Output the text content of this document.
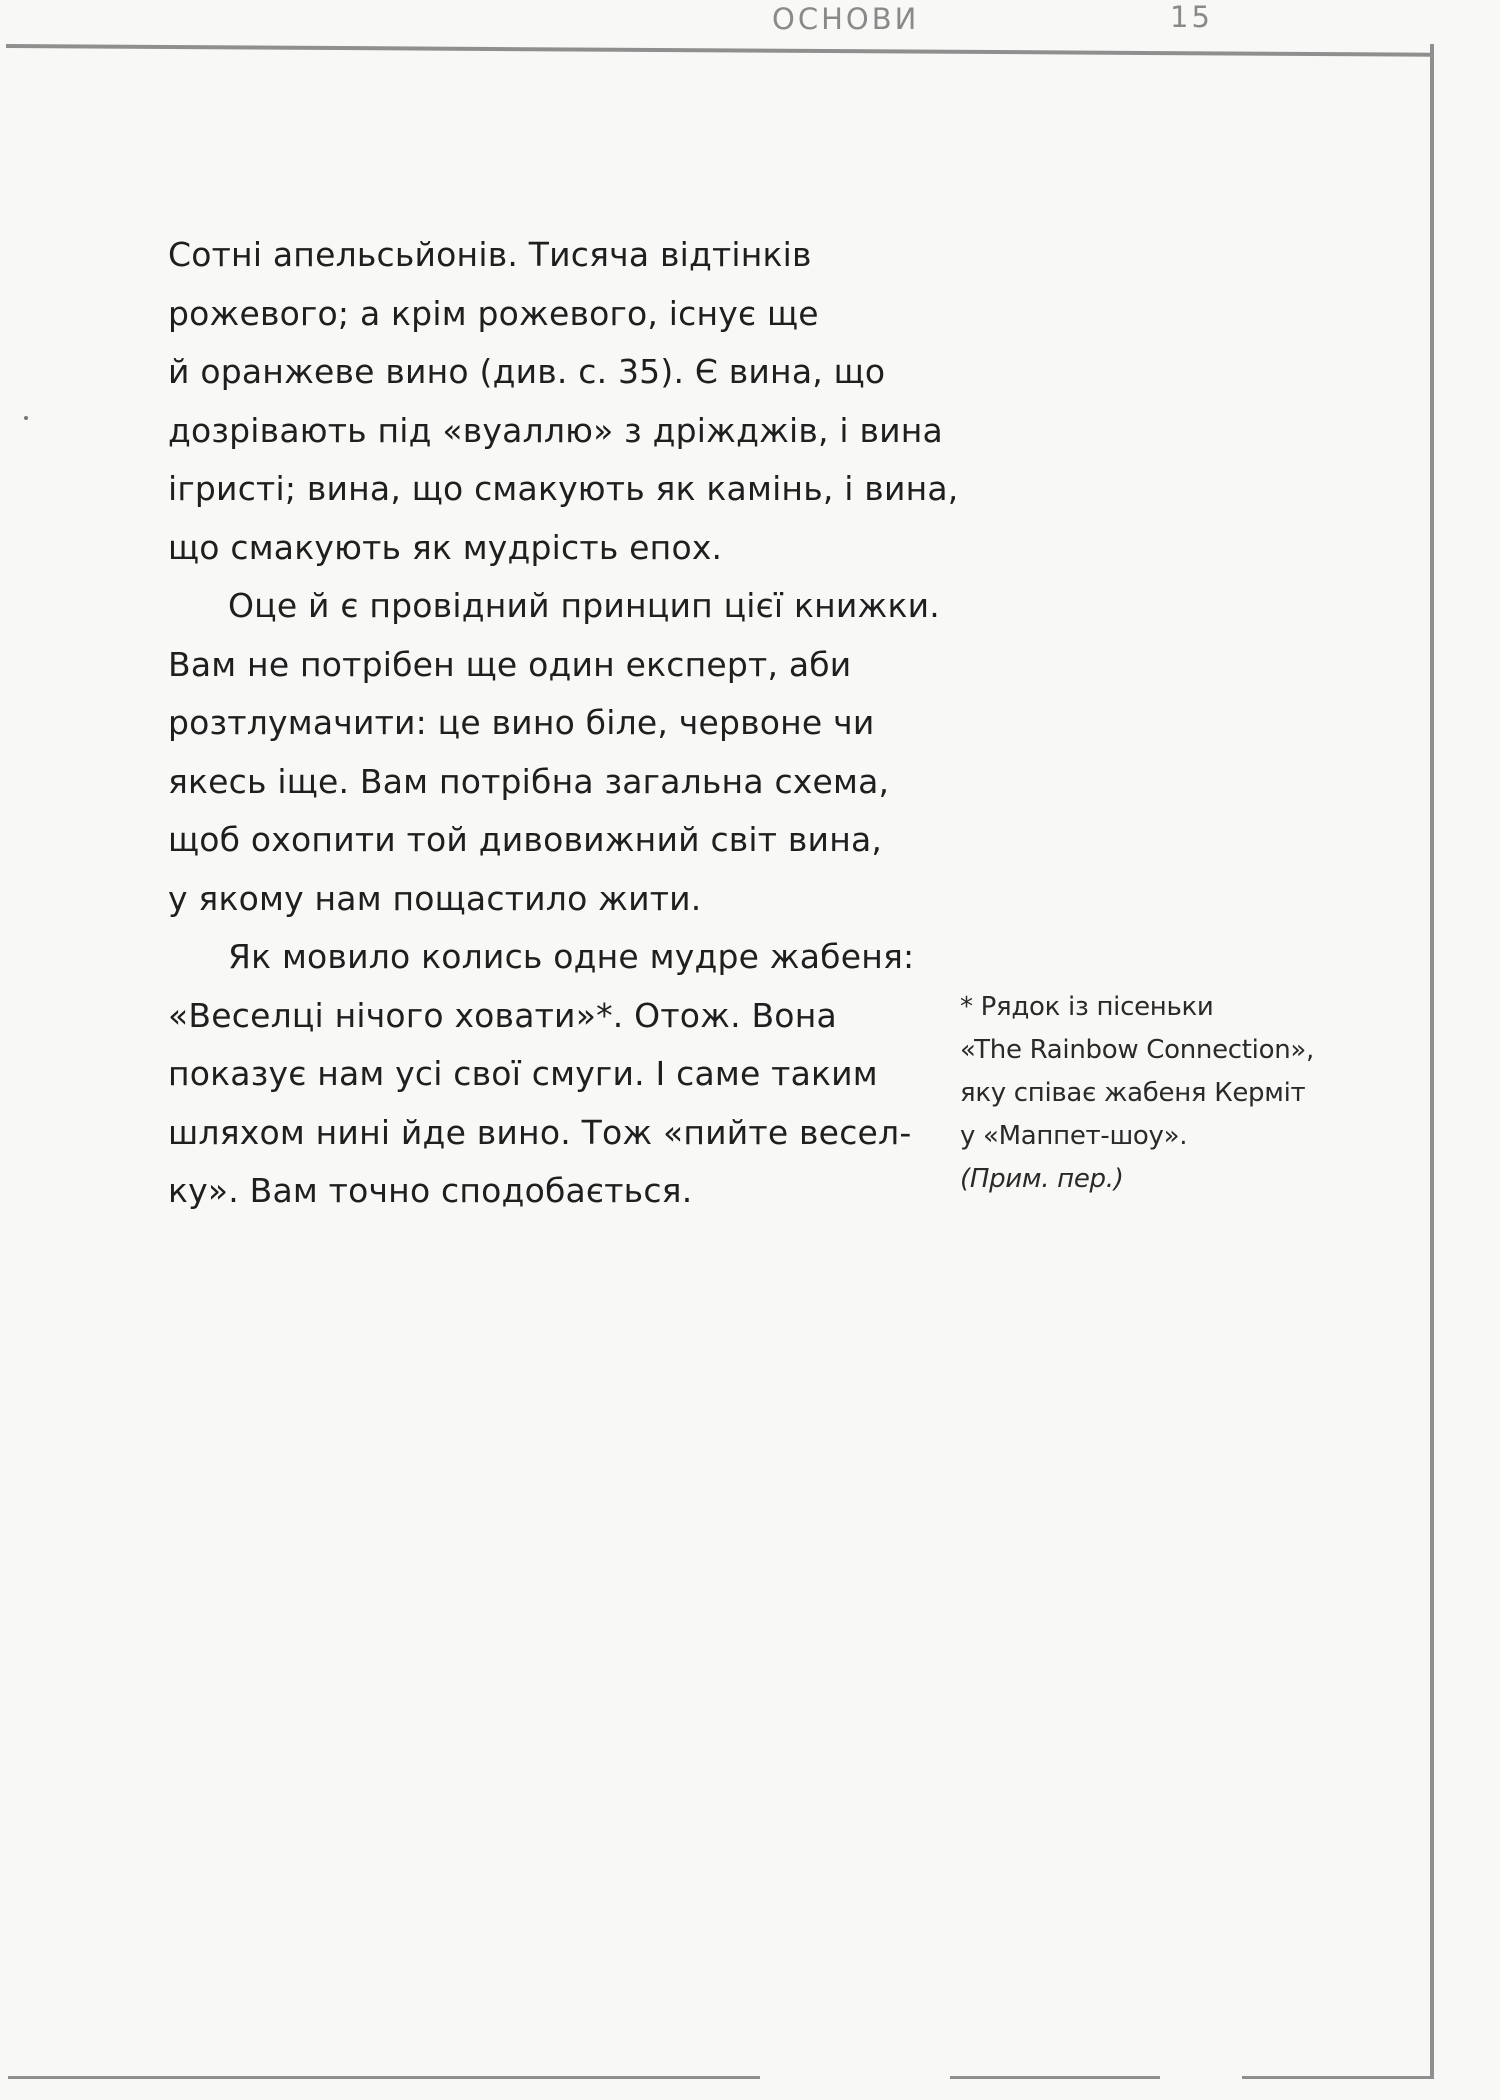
Сотні апельсьйонів. Тисяча відтінків
рожевого; а крім рожевого, існує ще
й оранжеве вино (див. с. 35). Є вина, що
дозрівають під «вуаллю» з дріжджів, і вина
ігристі; вина, що смакують як камінь, і вина,
що смакують як мудрість епох.
Оце й є провідний принцип цієї книжки.
Вам не потрібен ще один експерт, аби
розтлумачити: це вино біле, червоне чи
якесь іще. Вам потрібна загальна схема,
щоб охопити той дивовижний світ вина,
у якому нам пощастило жити.
Як мовило колись одне мудре жабеня:
«Веселці нічого ховати»*. Отож. Вона
показує нам усі свої смуги. І саме таким
шляхом нині йде вино. Тож «пийте весел-
ку». Вам точно сподобається.
* Рядок із пісеньки
«The Rainbow Connection»,
яку співає жабеня Керміт
у «Маппет-шоу».
(Прим. пер.)
ОСНОВИ	15
